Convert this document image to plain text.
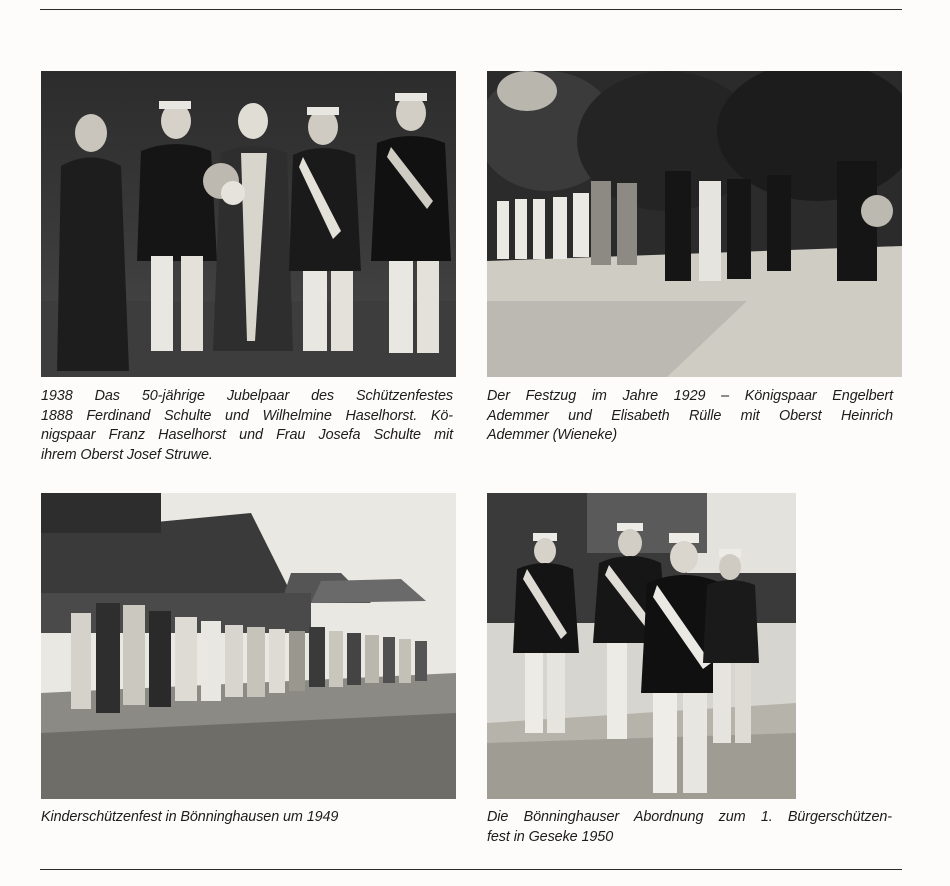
1938 Das 50-jährige Jubelpaar des Schützenfestes
1888 Ferdinand Schulte und Wilhelmine Haselhorst. Kö-
nigspaar Franz Haselhorst und Frau Josefa Schulte mit
ihrem Oberst Josef Struwe.
Der Festzug im Jahre 1929 – Königspaar Engelbert
Ademmer und Elisabeth Rülle mit Oberst Heinrich
Ademmer (Wieneke)
Kinderschützenfest in Bönninghausen um 1949	Die Bönninghauser Abordnung zum 1. Bürgerschützen-
fest in Geseke 1950
